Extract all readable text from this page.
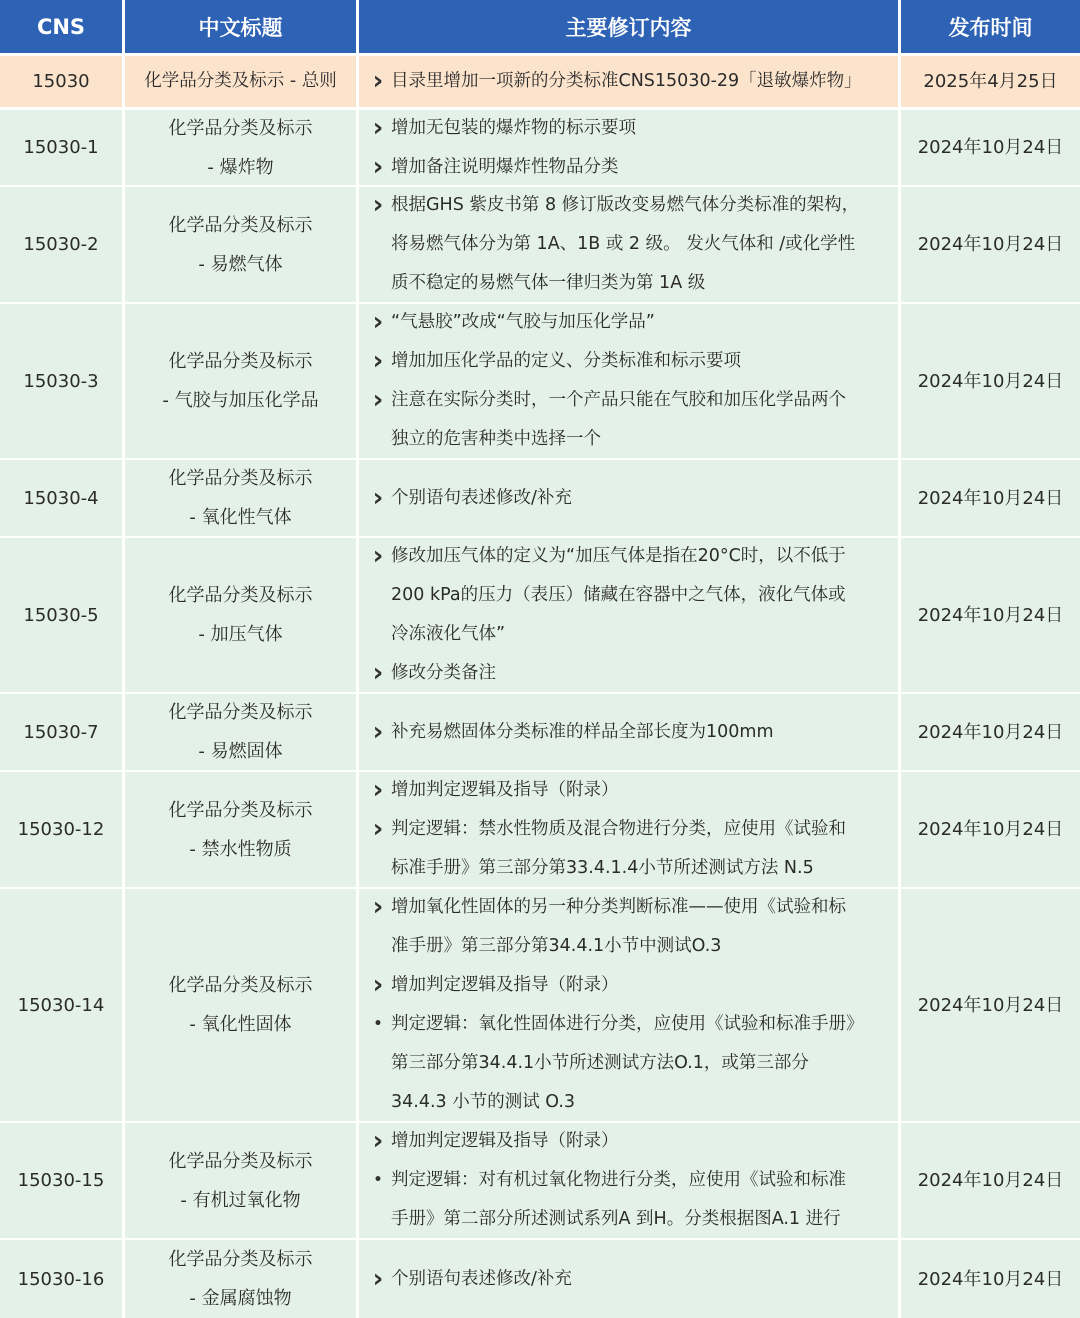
CNS	中文标题	主要修订内容	发布时间
15030	化学品分类及标示 - 总则 › 目录里增加一项新的分类标准CNS15030-29「退敏爆炸物」	2025年4月25日
15030-1
化学品分类及标示
- 爆炸物
› 增加无包装的爆炸物的标示要项
› 增加备注说明爆炸性物品分类
2024年10月24日
15030-2
化学品分类及标示
- 易燃气体
› 根据GHS 紫皮书第 8 修订版改变易燃气体分类标准的架构，
将易燃气体分为第 1A、1B 或 2 级。 发火气体和 /或化学性
质不稳定的易燃气体一律归类为第 1A 级
2024年10月24日
15030-3
化学品分类及标示
- 气胶与加压化学品
› “气悬胶”改成“气胶与加压化学品”
› 增加加压化学品的定义、分类标准和标示要项
› 注意在实际分类时，一个产品只能在气胶和加压化学品两个
独立的危害种类中选择一个
2024年10月24日
15030-4
化学品分类及标示
- 氧化性气体
› 个别语句表述修改/补充	2024年10月24日
15030-5
化学品分类及标示
- 加压气体
› 修改加压气体的定义为“加压气体是指在20°C时，以不低于
200 kPa的压力（表压）储藏在容器中之气体，液化气体或
冷冻液化气体”
› 修改分类备注
2024年10月24日
15030-7
化学品分类及标示
- 易燃固体
› 补充易燃固体分类标准的样品全部长度为100mm	2024年10月24日
15030-12
化学品分类及标示
- 禁水性物质
› 增加判定逻辑及指导（附录）
› 判定逻辑：禁水性物质及混合物进行分类，应使用《试验和
标准手册》第三部分第33.4.1.4小节所述测试方法 N.5
2024年10月24日
15030-14
化学品分类及标示
- 氧化性固体
› 增加氧化性固体的另一种分类判断标准——使用《试验和标
准手册》第三部分第34.4.1小节中测试O.3
› 增加判定逻辑及指导（附录）
• 判定逻辑：氧化性固体进行分类，应使用《试验和标准手册》
第三部分第34.4.1小节所述测试方法O.1，或第三部分
34.4.3 小节的测试 O.3
2024年10月24日
15030-15
化学品分类及标示
- 有机过氧化物
› 增加判定逻辑及指导（附录）
• 判定逻辑：对有机过氧化物进行分类，应使用《试验和标准
手册》第二部分所述测试系列A 到H。分类根据图A.1 进行
2024年10月24日
15030-16
化学品分类及标示
- 金属腐蚀物
› 个别语句表述修改/补充	2024年10月24日
